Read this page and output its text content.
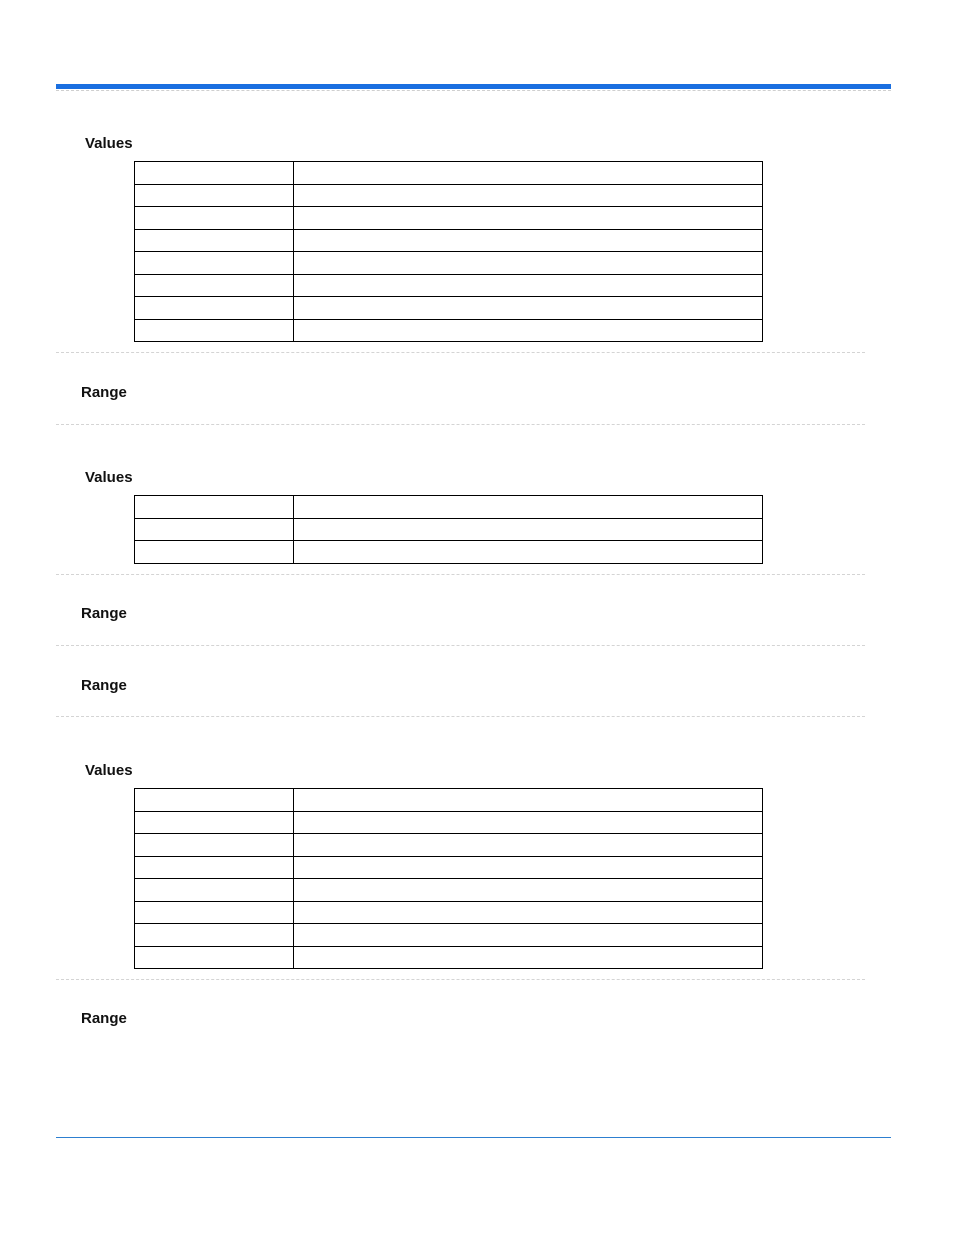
Values

Range
Values

Range
Range
Values

Range
